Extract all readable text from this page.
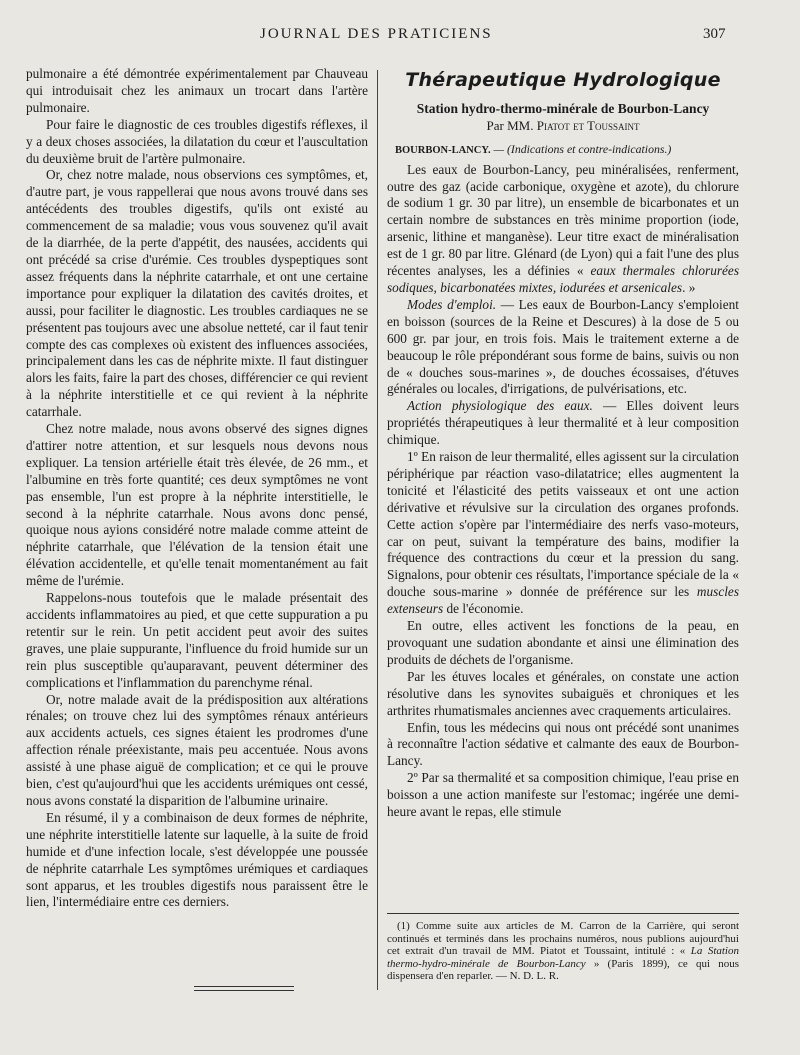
JOURNAL DES PRATICIENS	307

pulmonaire a été démontrée expérimentalement par Chauveau qui introduisait chez les animaux un trocart dans l'artère pulmonaire.

Pour faire le diagnostic de ces troubles digestifs réflexes, il y a deux choses associées, la dilatation du cœur et l'auscultation du deuxième bruit de l'artère pulmonaire.

Or, chez notre malade, nous observions ces symptômes, et, d'autre part, je vous rappellerai que nous avons trouvé dans ses antécédents des troubles digestifs, qu'ils ont existé au commencement de sa maladie; vous vous souvenez qu'il avait de la diarrhée, de la perte d'appétit, des nausées, accidents qui ont précédé sa crise d'urémie. Ces troubles dyspeptiques sont assez fréquents dans la néphrite catarrhale, et ont une certaine importance pour expliquer la dilatation des cavités droites, et aussi, pour faciliter le diagnostic. Les troubles cardiaques ne se présentent pas toujours avec une absolue netteté, car il faut tenir compte des cas complexes où existent des influences associées, principalement dans les cas de néphrite mixte. Il faut distinguer alors les faits, faire la part des choses, différencier ce qui revient à la néphrite interstitielle et ce qui revient à la néphrite catarrhale.

Chez notre malade, nous avons observé des signes dignes d'attirer notre attention, et sur lesquels nous devons nous expliquer. La tension artérielle était très élevée, de 26 mm., et l'albumine en très forte quantité; ces deux symptômes ne vont pas ensemble, l'un est propre à la néphrite interstitielle, le second à la néphrite catarrhale. Nous avons donc pensé, quoique nous ayions considéré notre malade comme atteint de néphrite catarrhale, que l'élévation de la tension était une élévation accidentelle, et qu'elle tenait momentanément au fait même de l'urémie.

Rappelons-nous toutefois que le malade présentait des accidents inflammatoires au pied, et que cette suppuration a pu retentir sur le rein. Un petit accident peut avoir des suites graves, une plaie suppurante, l'influence du froid humide sur un rein plus susceptible qu'auparavant, peuvent déterminer des complications et l'inflammation du parenchyme rénal.

Or, notre malade avait de la prédisposition aux altérations rénales; on trouve chez lui des symptômes rénaux antérieurs aux accidents actuels, ces signes étaient les prodromes d'une affection rénale préexistante, mais peu accentuée. Nous avons assisté à une phase aiguë de complication; et ce qui le prouve bien, c'est qu'aujourd'hui que les accidents urémiques ont cessé, nous avons constaté la disparition de l'albumine urinaire.

En résumé, il y a combinaison de deux formes de néphrite, une néphrite interstitielle latente sur laquelle, à la suite de froid humide et d'une infection locale, s'est développée une poussée de néphrite catarrhale Les symptômes urémiques et cardiaques sont apparus, et les troubles digestifs nous paraissent être le lien, l'intermédiaire entre ces derniers.

Thérapeutique Hydrologique
Station hydro-thermo-minérale de Bourbon-Lancy
Par MM. Piatot et Toussaint

BOURBON-LANCY. — (Indications et contre-indications.)

Les eaux de Bourbon-Lancy, peu minéralisées, renferment, outre des gaz (acide carbonique, oxygène et azote), du chlorure de sodium 1 gr. 30 par litre), un ensemble de bicarbonates et un certain nombre de substances en très minime proportion (iode, arsenic, lithine et manganèse). Leur titre exact de minéralisation est de 1 gr. 80 par litre. Glénard (de Lyon) qui a fait l'une des plus récentes analyses, les a définies « eaux thermales chlorurées sodiques, bicarbonatées mixtes, iodurées et arsenicales. »

Modes d'emploi. — Les eaux de Bourbon-Lancy s'emploient en boisson (sources de la Reine et Descures) à la dose de 5 ou 600 gr. par jour, en trois fois. Mais le traitement externe a de beaucoup le rôle prépondérant sous forme de bains, suivis ou non de « douches sous-marines », de douches écossaises, d'étuves générales ou locales, d'irrigations, de pulvérisations, etc.

Action physiologique des eaux. — Elles doivent leurs propriétés thérapeutiques à leur thermalité et à leur composition chimique.

1º En raison de leur thermalité, elles agissent sur la circulation périphérique par réaction vaso-dilatatrice; elles augmentent la tonicité et l'élasticité des petits vaisseaux et ont une action dérivative et révulsive sur la circulation des organes profonds. Cette action s'opère par l'intermédiaire des nerfs vaso-moteurs, car on peut, suivant la température des bains, modifier la fréquence des contractions du cœur et la pression du sang. Signalons, pour obtenir ces résultats, l'importance spéciale de la « douche sous-marine » donnée de préférence sur les muscles extenseurs de l'économie.

En outre, elles activent les fonctions de la peau, en provoquant une sudation abondante et ainsi une élimination des produits de déchets de l'organisme.

Par les étuves locales et générales, on constate une action résolutive dans les synovites subaiguës et chroniques et les arthrites rhumatismales anciennes avec craquements articulaires.

Enfin, tous les médecins qui nous ont précédé sont unanimes à reconnaître l'action sédative et calmante des eaux de Bourbon-Lancy.

2º Par sa thermalité et sa composition chimique, l'eau prise en boisson a une action manifeste sur l'estomac; ingérée une demi-heure avant le repas, elle stimule

(1) Comme suite aux articles de M. Carron de la Carrière, qui seront continués et terminés dans les prochains numéros, nous publions aujourd'hui cet extrait d'un travail de MM. Piatot et Toussaint, intitulé : « La Station thermo-hydro-minérale de Bourbon-Lancy » (Paris 1899), ce qui nous dispensera d'en reparler. — N. D. L. R.
